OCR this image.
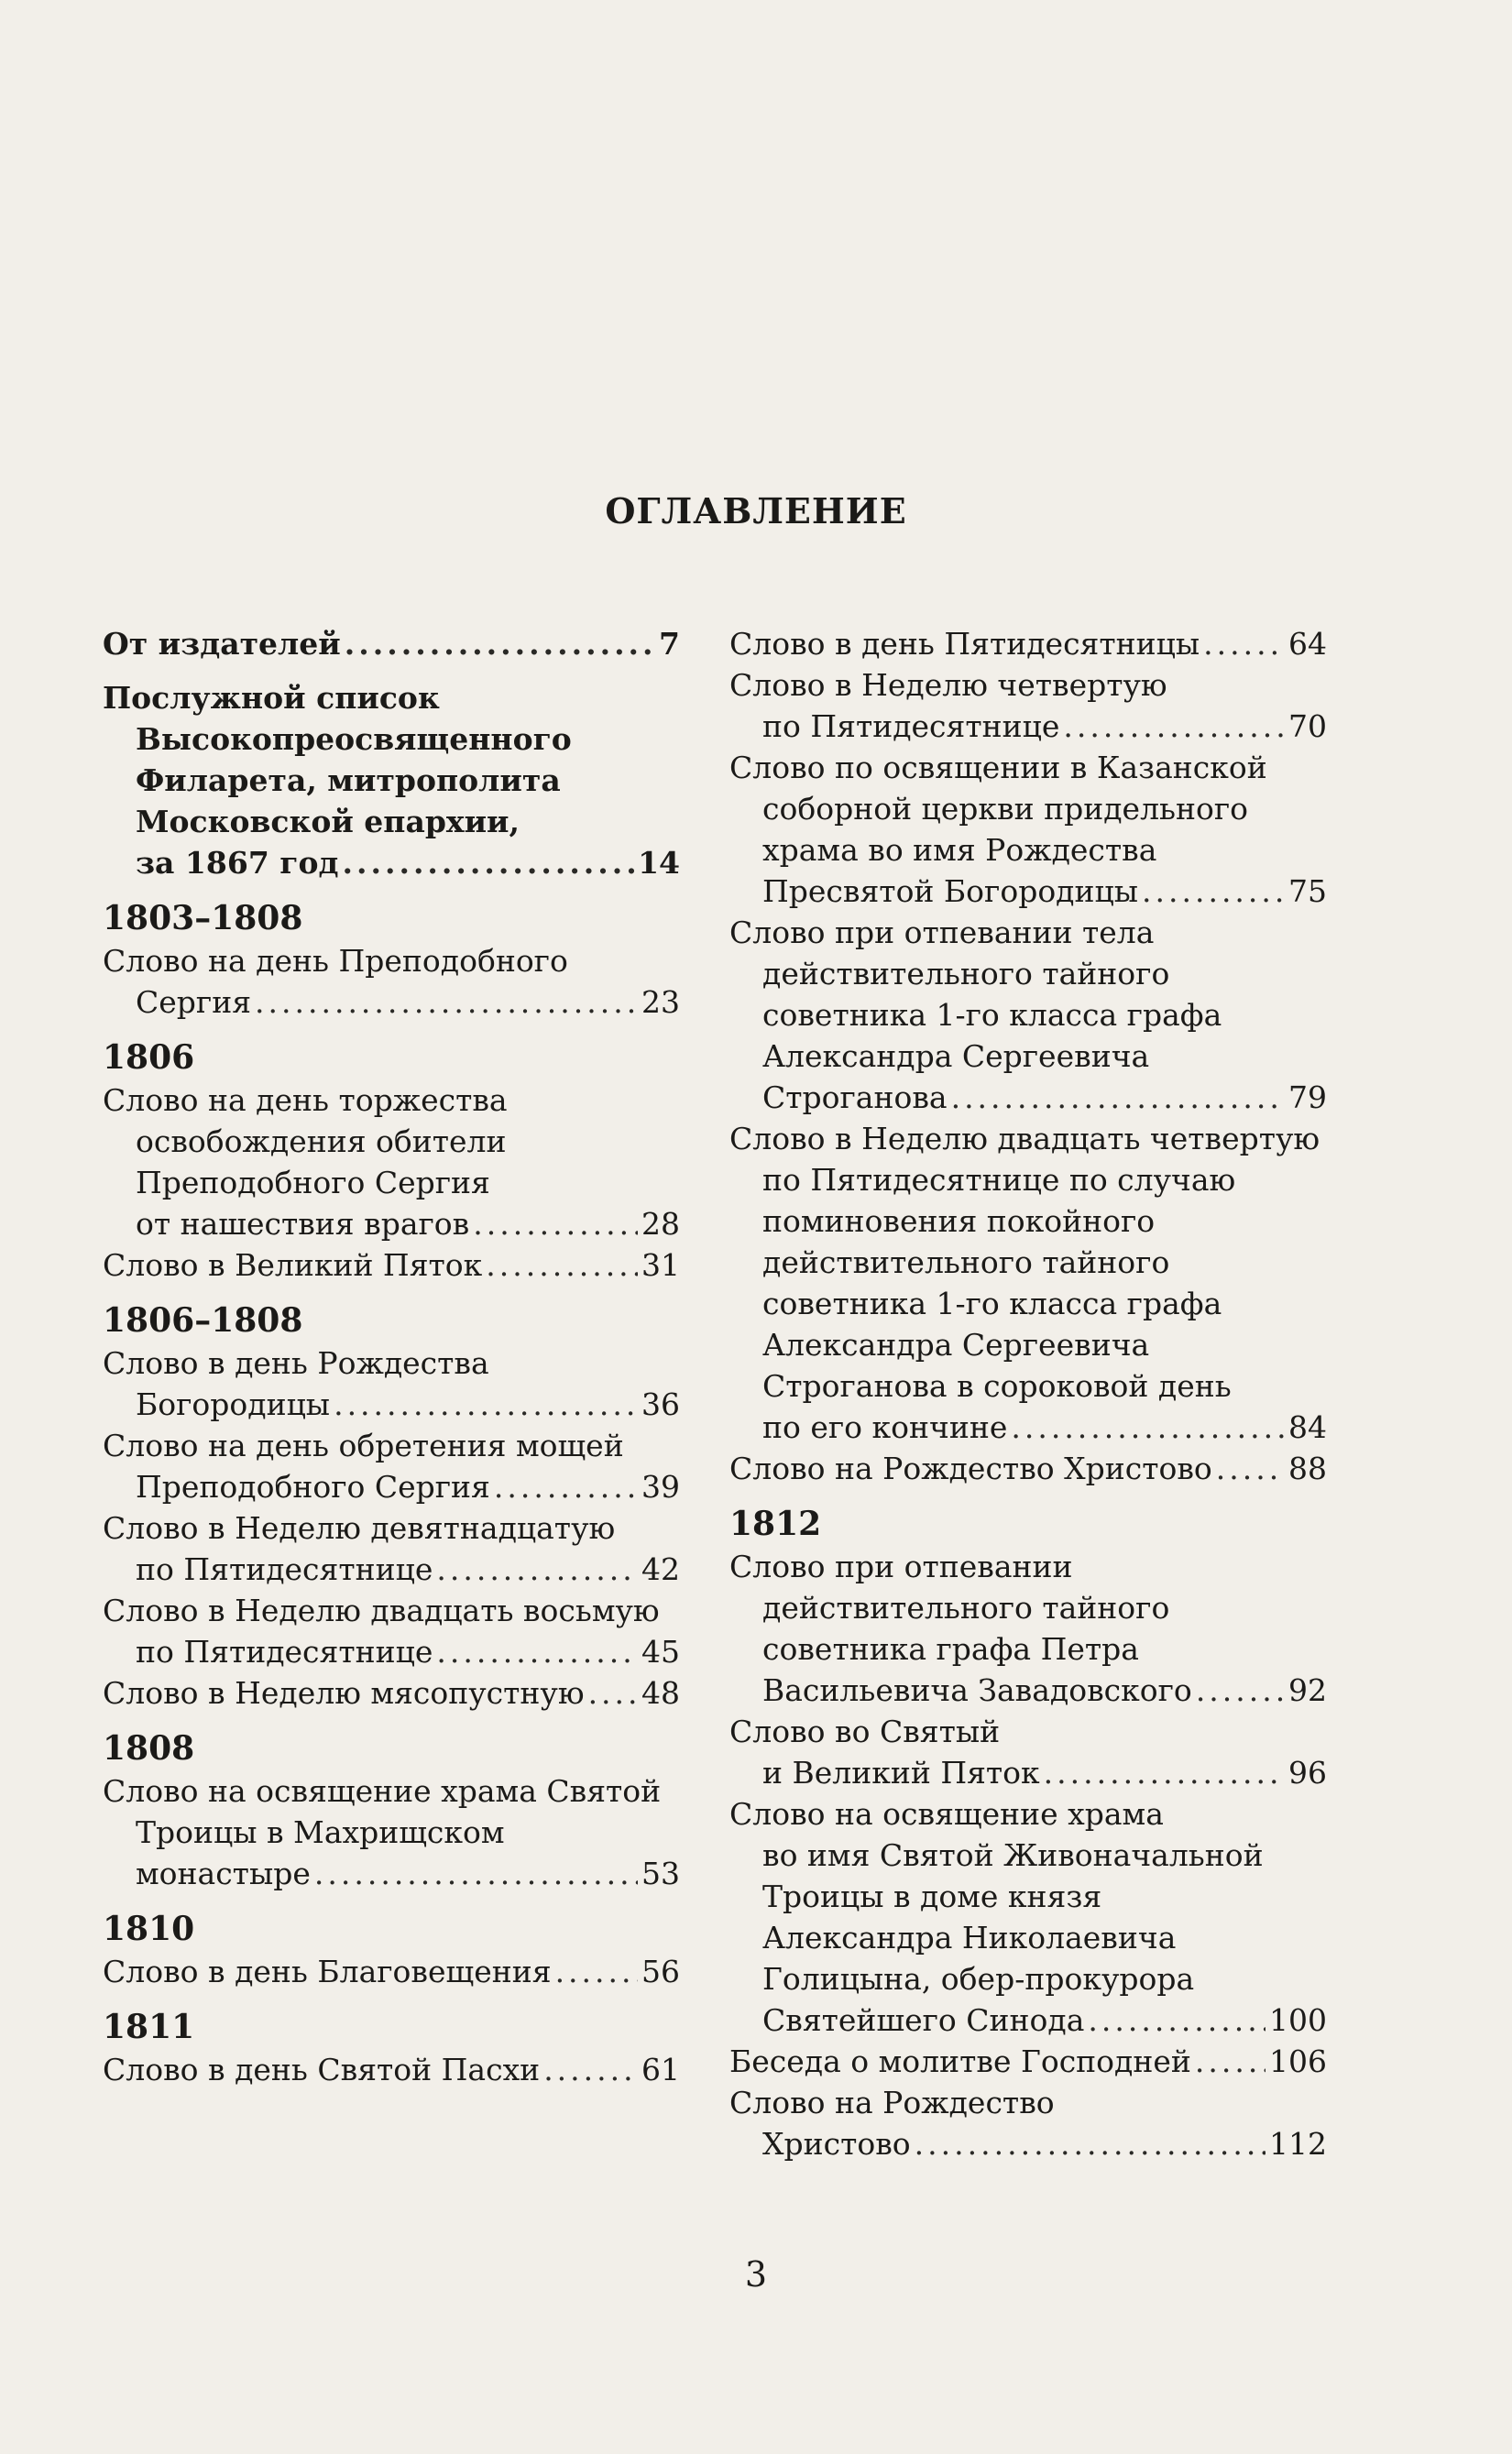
ОГЛАВЛЕНИЕ
От издателей .....	7
Послужной список
Высокопреосвященного
Филарета, митрополита
Московской епархии,
за 1867 год .....	14
1803–1808
Слово на день Преподобного
Сергия .....	23
1806
Слово на день торжества
освобождения обители
Преподобного Сергия
от нашествия врагов .....	28
Слово в Великий Пяток .....	31
1806–1808
Слово в день Рождества
Богородицы .....	36
Слово на день обретения мощей
Преподобного Сергия .....	39
Слово в Неделю девятнадцатую
по Пятидесятнице .....	42
Слово в Неделю двадцать восьмую
по Пятидесятнице .....	45
Слово в Неделю мясопустную ..... 48
1808
Слово на освящение храма Святой
Троицы в Махрищском
монастыре .....	53
1810
Слово в день Благовещения .....	56
1811
Слово в день Святой Пасхи .....	61
Слово в день Пятидесятницы .....	64
Слово в Неделю четвертую
по Пятидесятнице .....	70
Слово по освящении в Казанской
соборной церкви придельного
храма во имя Рождества
Пресвятой Богородицы .....	75
Слово при отпевании тела
действительного тайного
советника 1-го класса графа
Александра Сергеевича
Строганова .....	79
Слово в Неделю двадцать четвертую
по Пятидесятнице по случаю
поминовения покойного
действительного тайного
советника 1-го класса графа
Александра Сергеевича
Строганова в сороковой день
по его кончине .....	84
Слово на Рождество Христово .....	88
1812
Слово при отпевании
действительного тайного
советника графа Петра
Васильевича Завадовского .....	92
Слово во Святый
и Великий Пяток .....	96
Слово на освящение храма
во имя Святой Живоначальной
Троицы в доме князя
Александра Николаевича
Голицына, обер-прокурора
Святейшего Синода .....	100
Беседа о молитве Господней .....	106
Слово на Рождество
Христово .....	112
3
